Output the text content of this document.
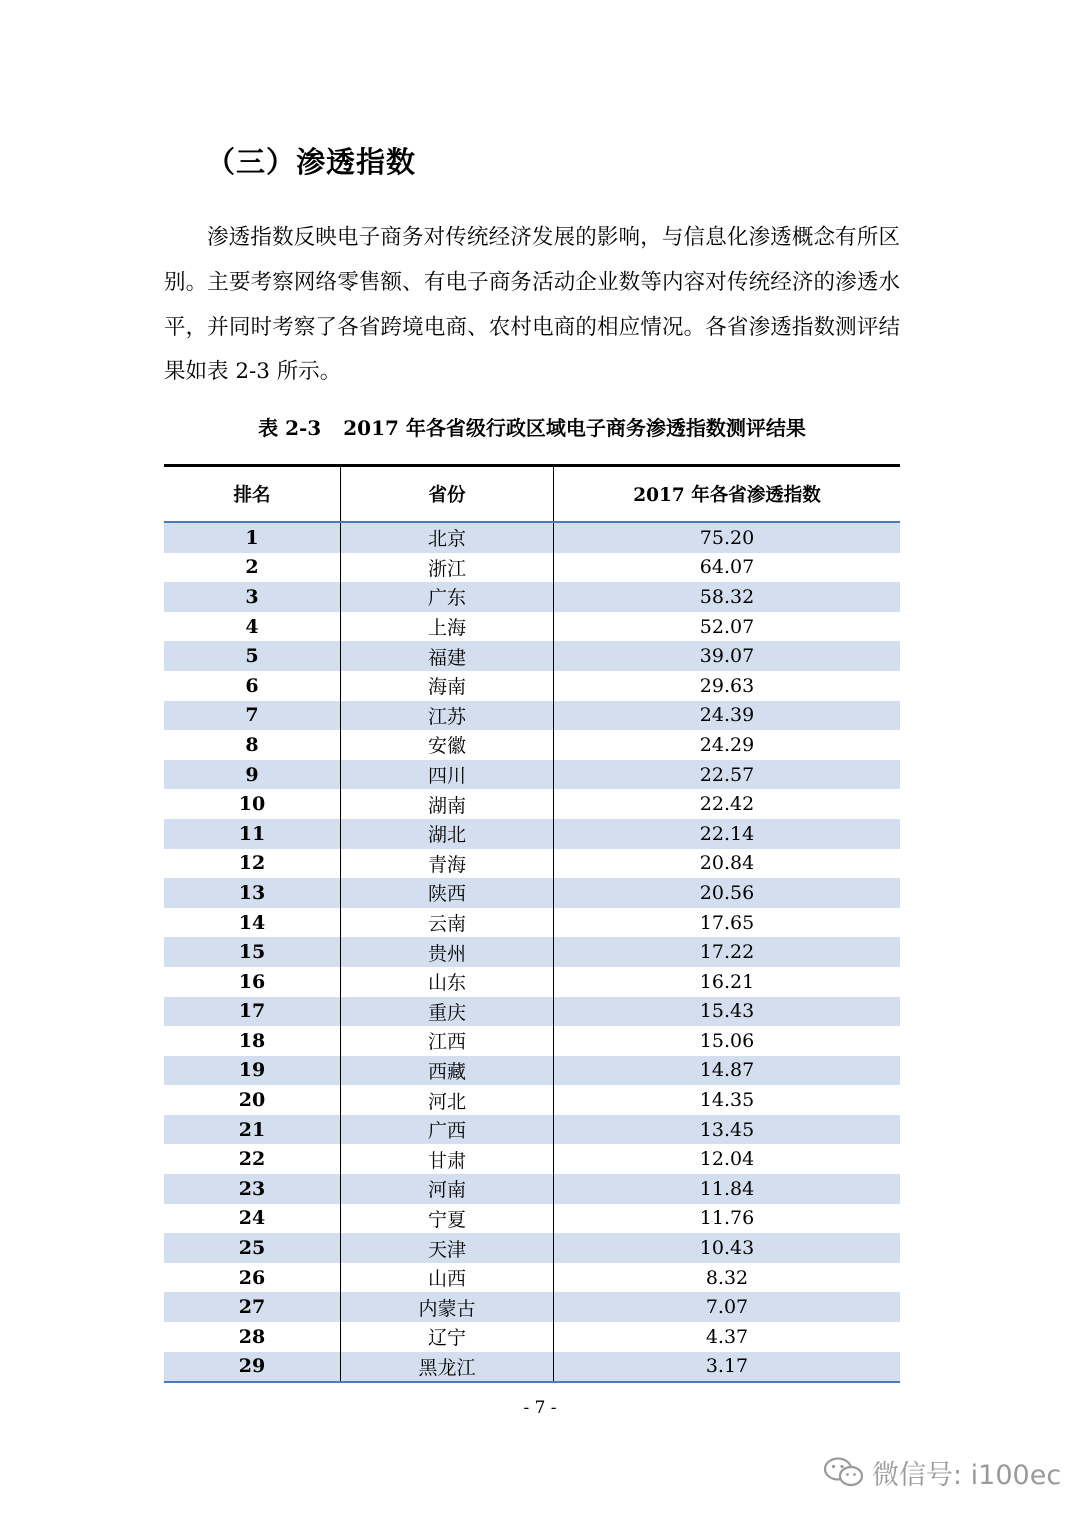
（三）渗透指数

渗透指数反映电子商务对传统经济发展的影响，与信息化渗透概念有所区别。主要考察网络零售额、有电子商务活动企业数等内容对传统经济的渗透水平，并同时考察了各省跨境电商、农村电商的相应情况。各省渗透指数测评结果如表 2-3 所示。

表 2-3 2017 年各省级行政区域电子商务渗透指数测评结果
排名	省份	2017 年各省渗透指数
1	北京	75.20
2	浙江	64.07
3	广东	58.32
4	上海	52.07
5	福建	39.07
6	海南	29.63
7	江苏	24.39
8	安徽	24.29
9	四川	22.57
10	湖南	22.42
11	湖北	22.14
12	青海	20.84
13	陕西	20.56
14	云南	17.65
15	贵州	17.22
16	山东	16.21
17	重庆	15.43
18	江西	15.06
19	西藏	14.87
20	河北	14.35
21	广西	13.45
22	甘肃	12.04
23	河南	11.84
24	宁夏	11.76
25	天津	10.43
26	山西	8.32
27	内蒙古	7.07
28	辽宁	4.37
29	黑龙江	3.17
- 7 -
微信号: i100ec
